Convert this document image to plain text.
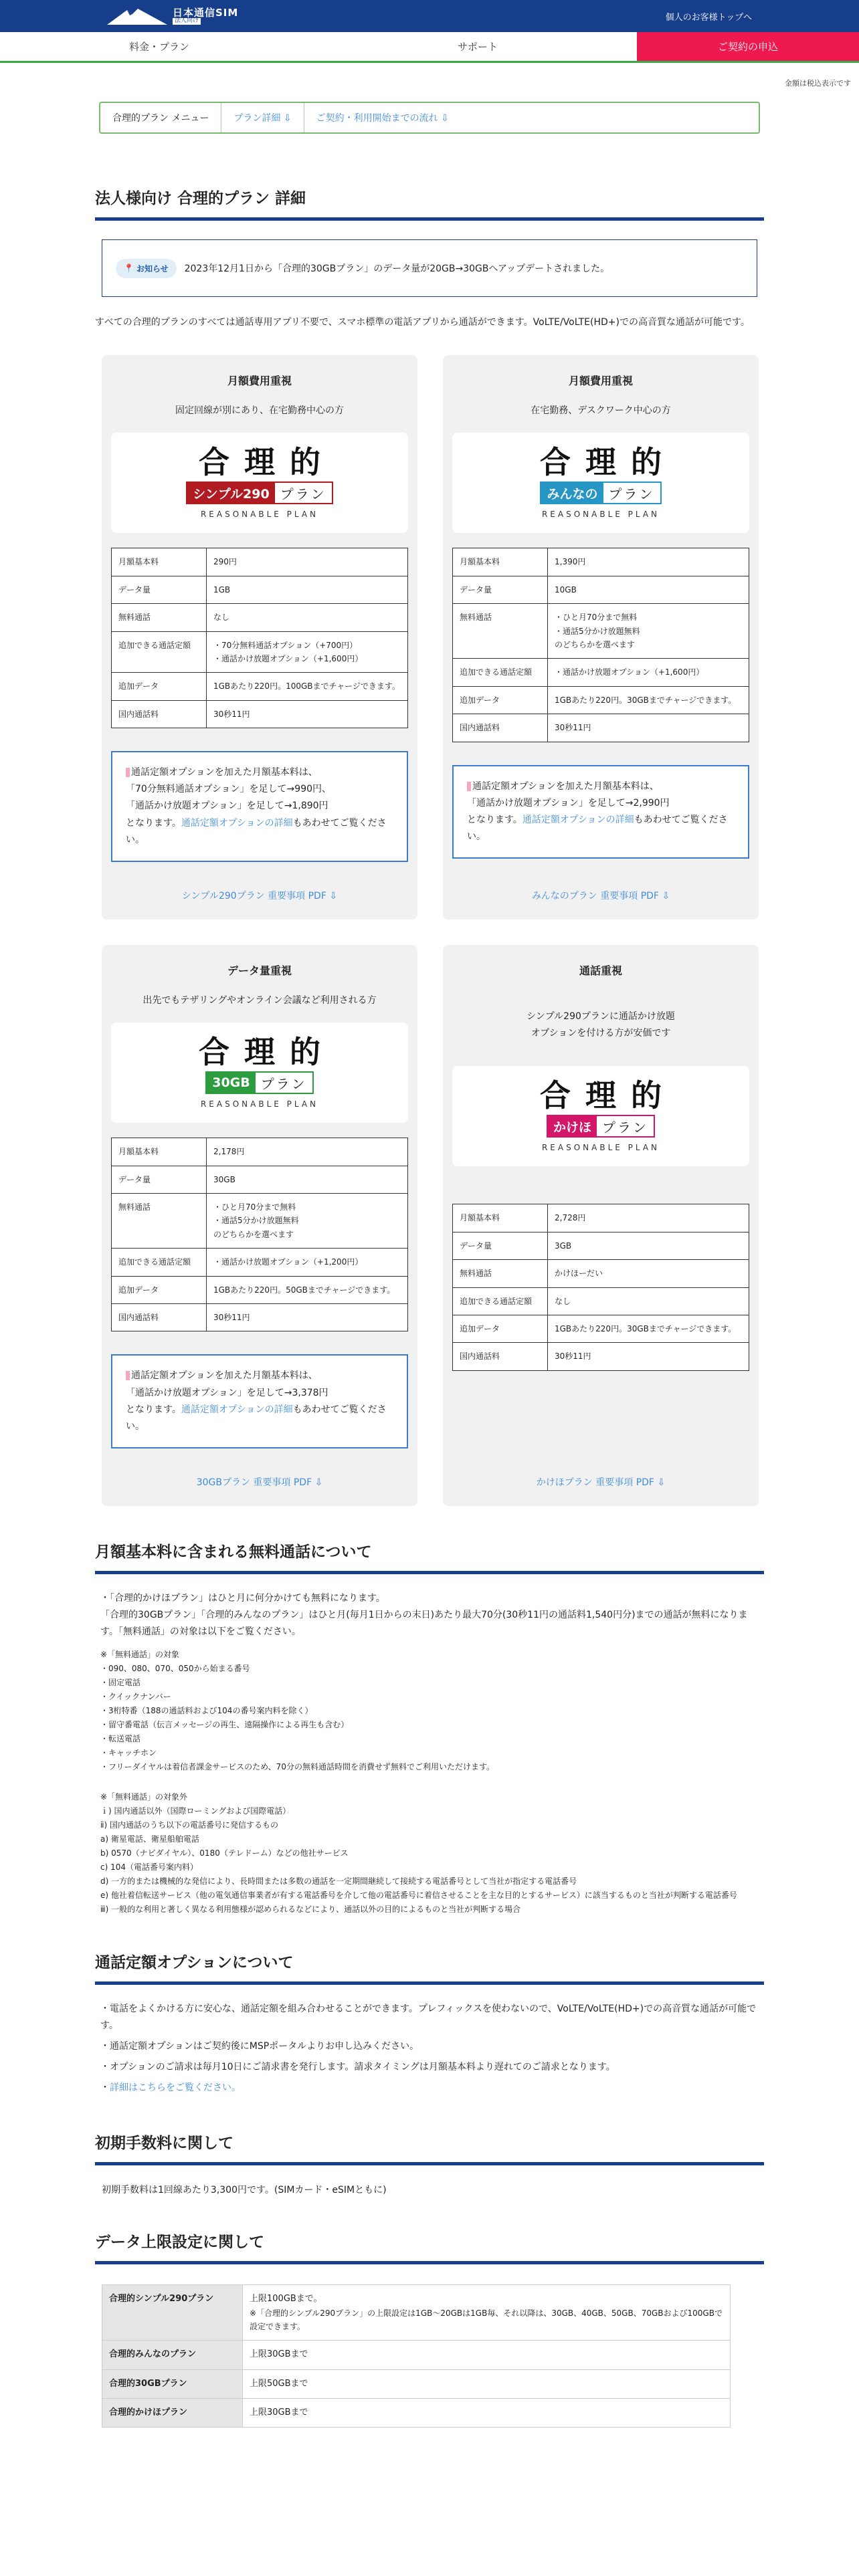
日本通信SIM
法人向け	個人のお客様トップへ
料金・プラン	サポート	ご契約の申込
金額は税込表示です
合理的プラン メニュー	プラン詳細 ⇩	ご契約・利用開始までの流れ ⇩
法人様向け 合理的プラン 詳細
📍 お知らせ 2023年12月1日から「合理的30GBプラン」のデータ量が20GB→30GBへアップデートされました。
すべての合理的プランのすべては通話専用アプリ不要で、スマホ標準の電話アプリから通話ができます。VoLTE/VoLTE(HD+)での高音質な通話が可能です。
月額費用重視
固定回線が別にあり、在宅勤務中心の方
合理的
シンプル290 プラン
REASONABLE PLAN
月額基本料	290円
データ量	1GB
無料通話	なし
追加できる通話定額	・70分無料通話オプション（+700円）
・通話かけ放題オプション（+1,600円）
追加データ	1GBあたり220円。100GBまでチャージできます。
国内通話料	30秒11円
通話定額オプションを加えた月額基本料は、
「70分無料通話オプション」を足して→990円、
「通話かけ放題オプション」を足して→1,890円
となります。通話定額オプションの詳細もあわせてご覧ください。
シンプル290プラン 重要事項 PDF ⇩
月額費用重視
在宅勤務、デスクワーク中心の方
合理的
みんなの プラン
REASONABLE PLAN
月額基本料	1,390円
データ量	10GB
無料通話	・ひと月70分まで無料
・通話5分かけ放題無料
のどちらかを選べます
追加できる通話定額	・通話かけ放題オプション（+1,600円）
追加データ	1GBあたり220円。30GBまでチャージできます。
国内通話料	30秒11円
通話定額オプションを加えた月額基本料は、
「通話かけ放題オプション」を足して→2,990円
となります。通話定額オプションの詳細もあわせてご覧ください。
みんなのプラン 重要事項 PDF ⇩
データ量重視
出先でもテザリングやオンライン会議など利用される方
合理的
30GB プラン
REASONABLE PLAN
月額基本料	2,178円
データ量	30GB
無料通話	・ひと月70分まで無料
・通話5分かけ放題無料
のどちらかを選べます
追加できる通話定額	・通話かけ放題オプション（+1,200円）
追加データ	1GBあたり220円。50GBまでチャージできます。
国内通話料	30秒11円
通話定額オプションを加えた月額基本料は、
「通話かけ放題オプション」を足して→3,378円
となります。通話定額オプションの詳細もあわせてご覧ください。
30GBプラン 重要事項 PDF ⇩
通話重視
シンプル290プランに通話かけ放題
オプションを付ける方が安価です
合理的
かけほ プラン
REASONABLE PLAN
月額基本料	2,728円
データ量	3GB
無料通話	かけほーだい
追加できる通話定額	なし
追加データ	1GBあたり220円。30GBまでチャージできます。
国内通話料	30秒11円
かけほプラン 重要事項 PDF ⇩
月額基本料に含まれる無料通話について
・ 「合理的かけほプラン」はひと月に何分かけても無料になります。
「合理的30GBプラン」「合理的みんなのプラン」はひと月(毎月1日からの末日)あたり最大70分(30秒11円の通話料1,540円分)までの通話が無料になります。「無料通話」の対象は以下をご覧ください。

※「無料通話」の対象

・090、080、070、050から始まる番号

・固定電話

・クイックナンバー

・3桁特番（188の通話料および104の番号案内料を除く）

・留守番電話（伝言メッセージの再生、遠隔操作による再生も含む）

・転送電話

・キャッチホン

・フリーダイヤルは着信者課金サービスのため、70分の無料通話時間を消費せず無料でご利用いただけます。

※「無料通話」の対象外

ｉ) 国内通話以外（国際ローミングおよび国際電話）

ⅱ) 国内通話のうち以下の電話番号に発信するもの

a) 衛星電話、衛星船舶電話

b) 0570（ナビダイヤル）、0180（テレドーム）などの他社サービス

c) 104（電話番号案内料）

d) 一方的または機械的な発信により、長時間または多数の通話を一定期間継続して接続する電話番号として当社が指定する電話番号

e) 他社着信転送サービス（他の電気通信事業者が有する電話番号を介して他の電話番号に着信させることを主な目的とするサービス）に該当するものと当社が判断する電話番号

ⅲ) 一般的な利用と著しく異なる利用態様が認められるなどにより、通話以外の目的によるものと当社が判断する場合

通話定額オプションについて
・ 電話をよくかける方に安心な、通話定額を組み合わせることができます。プレフィックスを使わないので、VoLTE/VoLTE(HD+)での高音質な通話が可能です。
・ 通話定額オプションはご契約後にMSPポータルよりお申し込みください。
・ オプションのご請求は毎月10日にご請求書を発行します。請求タイミングは月額基本料より遅れてのご請求となります。
・ 詳細はこちらをご覧ください。
初期手数料に関して
初期手数料は1回線あたり3,300円です。(SIMカード・eSIMともに)
データ上限設定に関して
合理的シンプル290プラン	上限100GBまで。
※「合理的シンプル290プラン」の上限設定は1GB〜20GBは1GB毎、それ以降は、30GB、40GB、50GB、70GBおよび100GBで設定できます。

合理的みんなのプラン	上限30GBまで

合理的30GBプラン	上限50GBまで

合理的かけほプラン	上限30GBまで
